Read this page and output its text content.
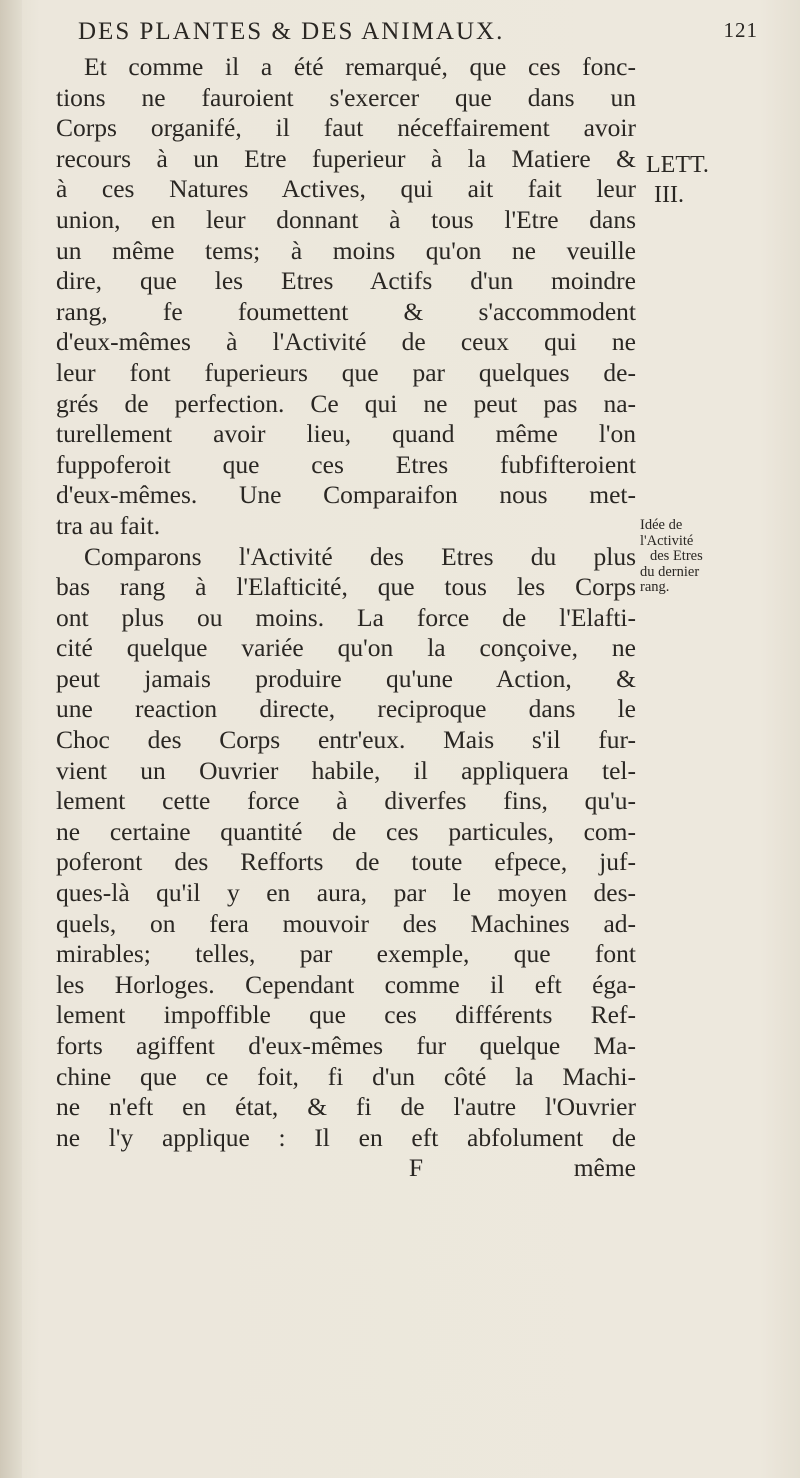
DES PLANTES & DES ANIMAUX.	121
LETT.
III.
Idée de
l'Activité
des Etres
du dernier
rang.
Et comme il a été remarqué, que ces fonc-
tions ne fauroient s'exercer que dans un
Corps organifé, il faut néceffairement avoir
recours à un Etre fuperieur à la Matiere &
à ces Natures Actives, qui ait fait leur
union, en leur donnant à tous l'Etre dans
un même tems; à moins qu'on ne veuille
dire, que les Etres Actifs d'un moindre
rang, fe foumettent & s'accommodent
d'eux-mêmes à l'Activité de ceux qui ne
leur font fuperieurs que par quelques de-
grés de perfection. Ce qui ne peut pas na-
turellement avoir lieu, quand même l'on
fuppoferoit que ces Etres fubfifteroient
d'eux-mêmes. Une Comparaifon nous met-
tra au fait.
Comparons l'Activité des Etres du plus
bas rang à l'Elafticité, que tous les Corps
ont plus ou moins. La force de l'Elafti-
cité quelque variée qu'on la conçoive, ne
peut jamais produire qu'une Action, &
une reaction directe, reciproque dans le
Choc des Corps entr'eux. Mais s'il fur-
vient un Ouvrier habile, il appliquera tel-
lement cette force à diverfes fins, qu'u-
ne certaine quantité de ces particules, com-
poferont des Refforts de toute efpece, juf-
ques-là qu'il y en aura, par le moyen des-
quels, on fera mouvoir des Machines ad-
mirables; telles, par exemple, que font
les Horloges. Cependant comme il eft éga-
lement impoffible que ces différents Ref-
forts agiffent d'eux-mêmes fur quelque Ma-
chine que ce foit, fi d'un côté la Machi-
ne n'eft en état, & fi de l'autre l'Ouvrier
ne l'y applique : Il en eft abfolument de
F	même
